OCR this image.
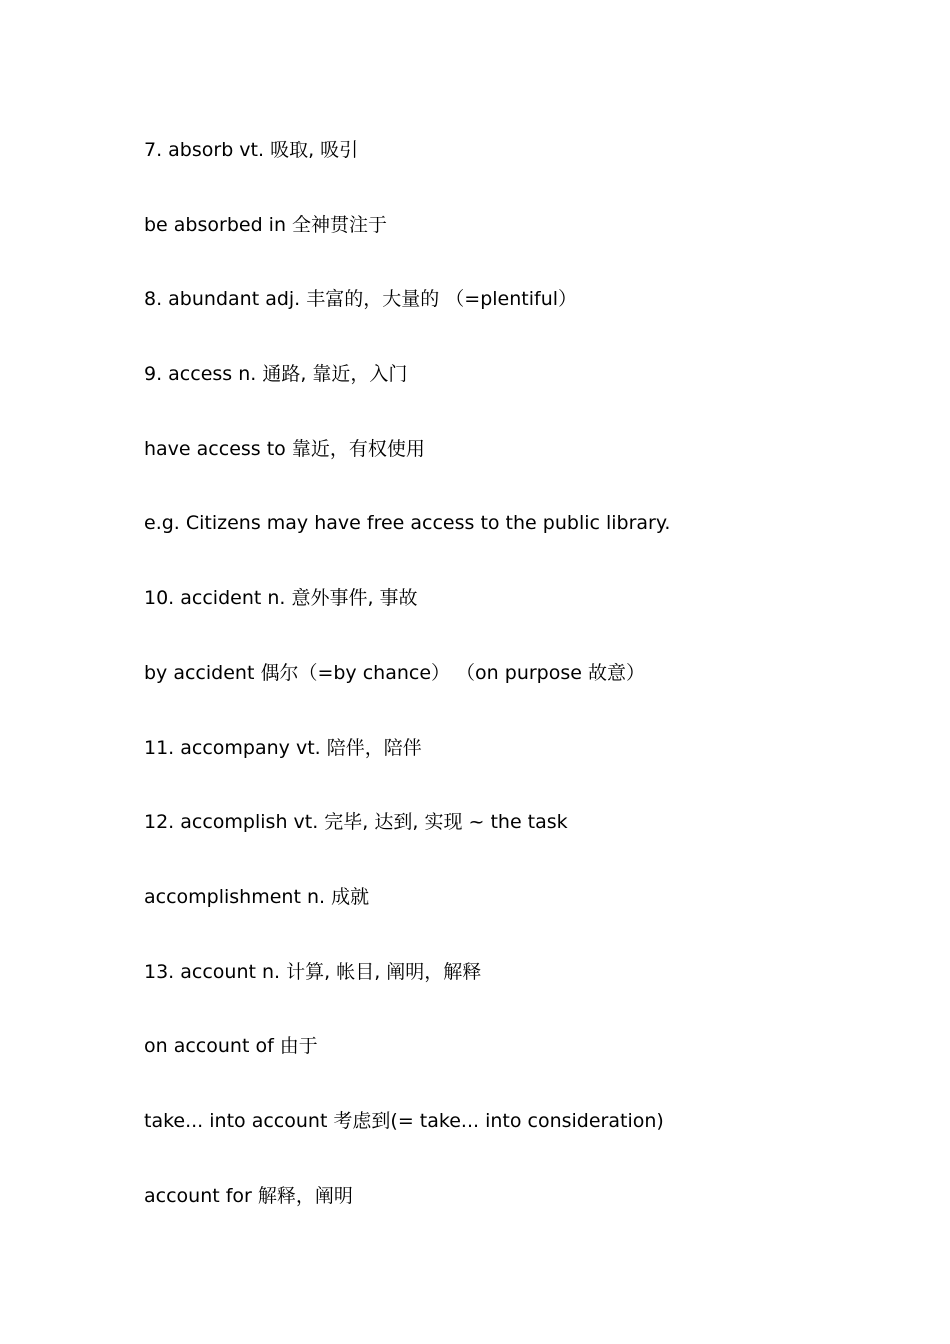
7. absorb vt. 吸取, 吸引
be absorbed in 全神贯注于
8. abundant adj. 丰富的，大量的 （=plentiful）
9. access n. 通路, 靠近，入门
have access to 靠近，有权使用
e.g. Citizens may have free access to the public library.
10. accident n. 意外事件, 事故
by accident 偶尔（=by chance） （on purpose 故意）
11. accompany vt. 陪伴，陪伴
12. accomplish vt. 完毕, 达到, 实现 ~ the task
accomplishment n. 成就
13. account n. 计算, 帐目, 阐明，解释
on account of 由于
take... into account 考虑到(= take... into consideration)
account for 解释，阐明
